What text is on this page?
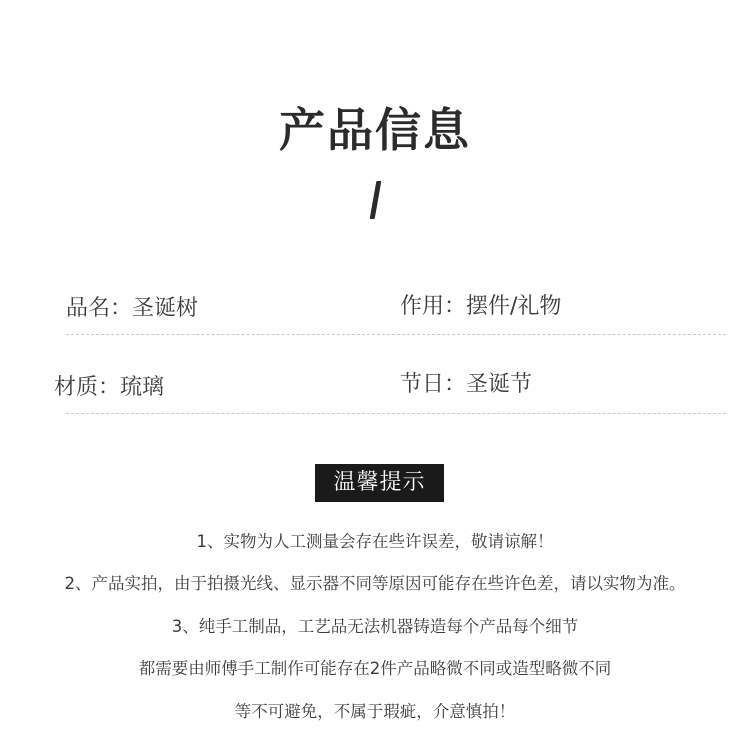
产品信息
品名：圣诞树	作用：摆件/礼物
材质：琉璃	节日：圣诞节
温馨提示
1、实物为人工测量会存在些许误差，敬请谅解！
2、产品实拍，由于拍摄光线、显示器不同等原因可能存在些许色差，请以实物为准。
3、纯手工制品，工艺品无法机器铸造每个产品每个细节
都需要由师傅手工制作可能存在2件产品略微不同或造型略微不同
等不可避免，不属于瑕疵，介意慎拍！
